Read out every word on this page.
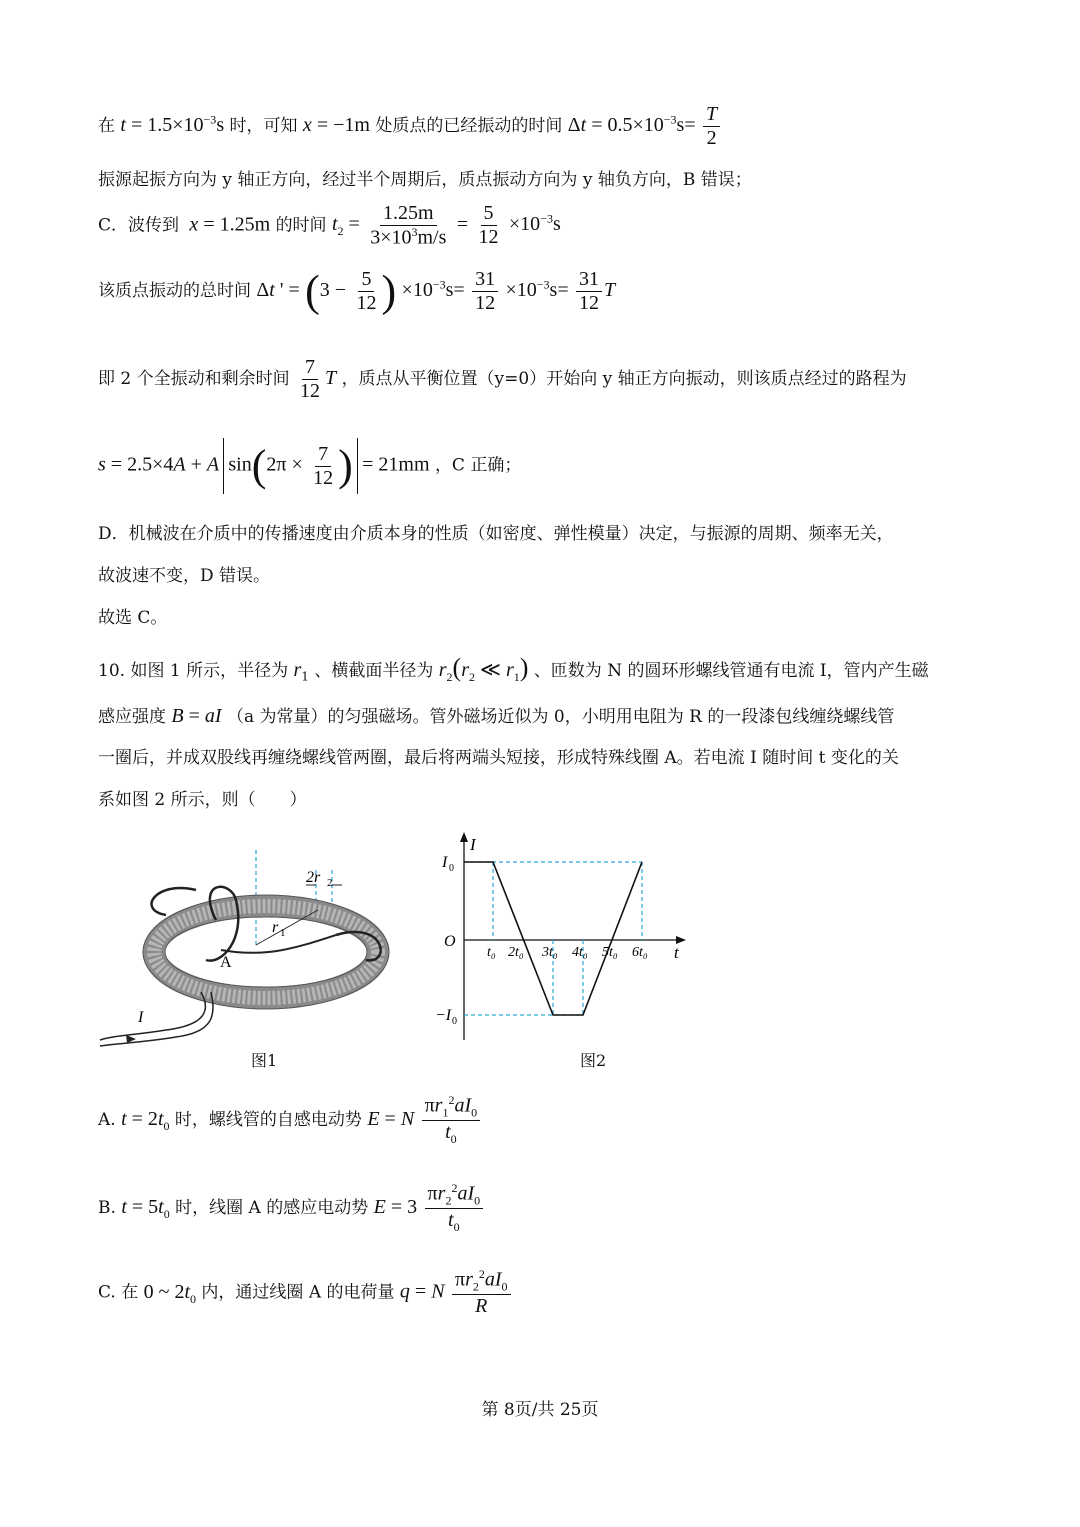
在 $t = 1.5\times 10^{-3}s$ 时，可知 x = −1m 处质点的已经振动的时间 $\Delta t = 0.5\times 10^{-3}s= \frac{T}{2}$
振源起振方向为 y 轴正方向，经过半个周期后，质点振动方向为 y 轴负方向，B 错误；
C．波传到 x = 1.25m 的时间 $t_2 = \frac{1.25m}{3\times 10^3m/s} = \frac{5}{12} \times 10^{-3}s$
该质点振动的总时间 Δt ' = ($3 - \frac{5}{12}$ ) $\times 10^{-3}s= \frac{31}{12} \times 10^{-3}s= \frac{31}{12}$ T
即 2 个全振动和剩余时间 $\frac{7}{12}$ T ，质点从平衡位置（y=0）开始向 y 轴正方向振动，则该质点经过的路程为
s = 2.5×4A + A $\sin(2\pi \times \frac{7}{12}$ ) = 21mm ，C 正确；
D．机械波在介质中的传播速度由介质本身的性质（如密度、弹性模量）决定，与振源的周期、频率无关，
故波速不变，D 错误。
故选 C。
10. 如图 1 所示，半径为 $r_1$ 、横截面半径为 $r_2(r_2$ ≪ $r_1$) 、匝数为 N 的圆环形螺线管通有电流 I，管内产生磁
感应强度 B = aI （a 为常量）的匀强磁场。管外磁场近似为 0，小明用电阻为 R 的一段漆包线缠绕螺线管
一圈后，并成双股线再缠绕螺线管两圈，最后将两端头短接，形成特殊线圈 A。若电流 I 随时间 t 变化的关
系如图 2 所示，则（　　）
2r 2
r 1
A
I
图1
I
t
O
I 0
−I 0
t₀ 2t₀ 3t₀ 4t₀ 5t₀ 6t₀
图2
A. $t = 2t_0$ 时，螺线管的自感电动势 E = N $\frac{\pi r_1^2aI_0}{t_0}$
B. $t = 5t_0$ 时，线圈 A 的感应电动势 $E = 3 \frac{\pi r_2^2aI_0}{t_0}$
C. 在 0 ~ $2t_0$ 内，通过线圈 A 的电荷量 q = N $\frac{\pi r_2^2aI_0}{R}$
第 8页/共 25页
